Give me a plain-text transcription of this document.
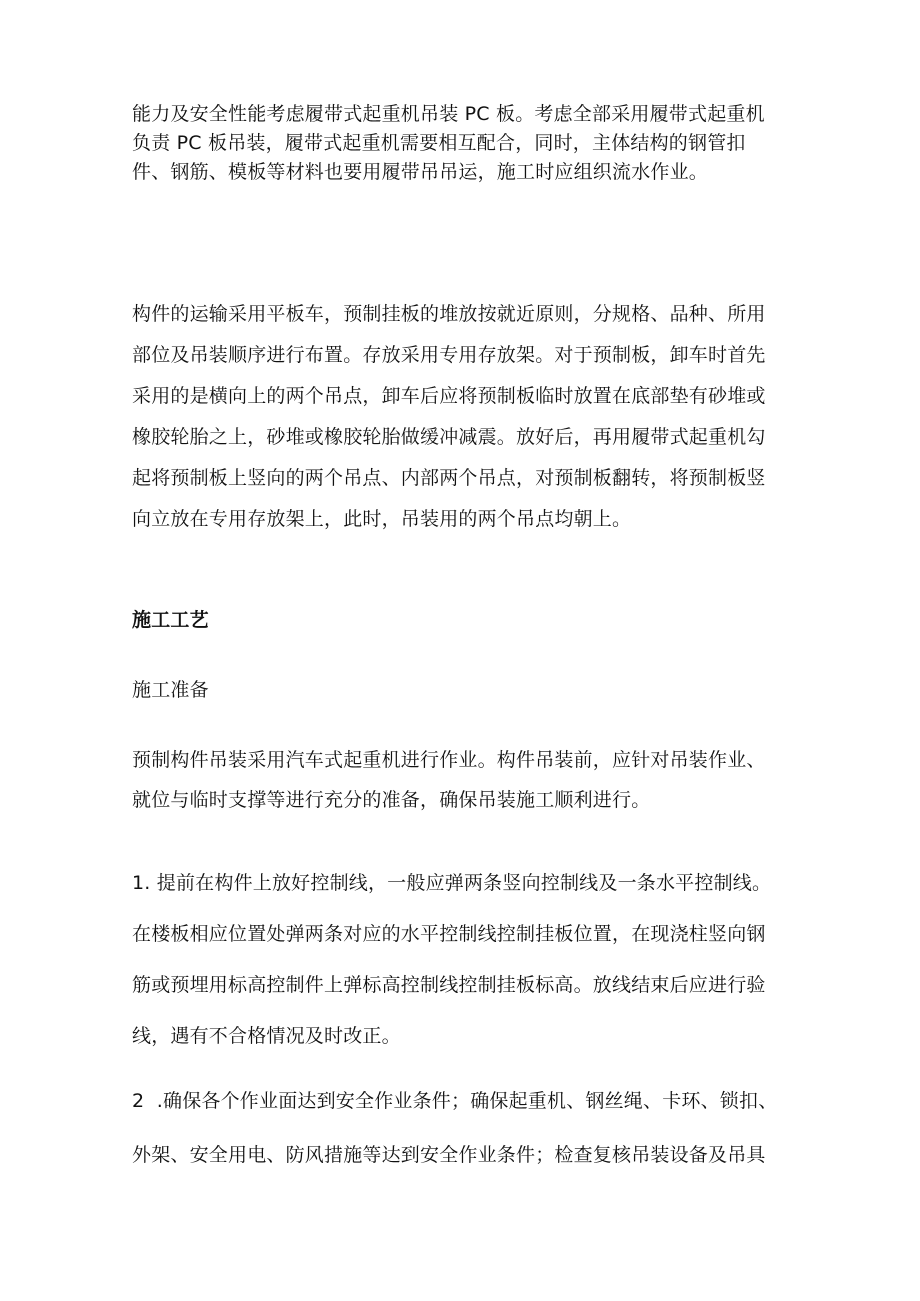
能力及安全性能考虑履带式起重机吊装 PC 板。考虑全部采用履带式起重机
负责 PC 板吊装，履带式起重机需要相互配合，同时，主体结构的钢管扣
件、钢筋、模板等材料也要用履带吊吊运，施工时应组织流水作业。

构件的运输采用平板车，预制挂板的堆放按就近原则，分规格、品种、所用
部位及吊装顺序进行布置。存放采用专用存放架。对于预制板，卸车时首先
采用的是横向上的两个吊点，卸车后应将预制板临时放置在底部垫有砂堆或
橡胶轮胎之上，砂堆或橡胶轮胎做缓冲减震。放好后，再用履带式起重机勾
起将预制板上竖向的两个吊点、内部两个吊点，对预制板翻转，将预制板竖
向立放在专用存放架上，此时，吊装用的两个吊点均朝上。

施工工艺
施工准备

预制构件吊装采用汽车式起重机进行作业。构件吊装前，应针对吊装作业、
就位与临时支撑等进行充分的准备，确保吊装施工顺利进行。

1. 提前在构件上放好控制线，一般应弹两条竖向控制线及一条水平控制线。
在楼板相应位置处弹两条对应的水平控制线控制挂板位置，在现浇柱竖向钢
筋或预埋用标高控制件上弹标高控制线控制挂板标高。放线结束后应进行验
线，遇有不合格情况及时改正。

2  .确保各个作业面达到安全作业条件；确保起重机、钢丝绳、卡环、锁扣、
外架、安全用电、防风措施等达到安全作业条件；检查复核吊装设备及吊具
